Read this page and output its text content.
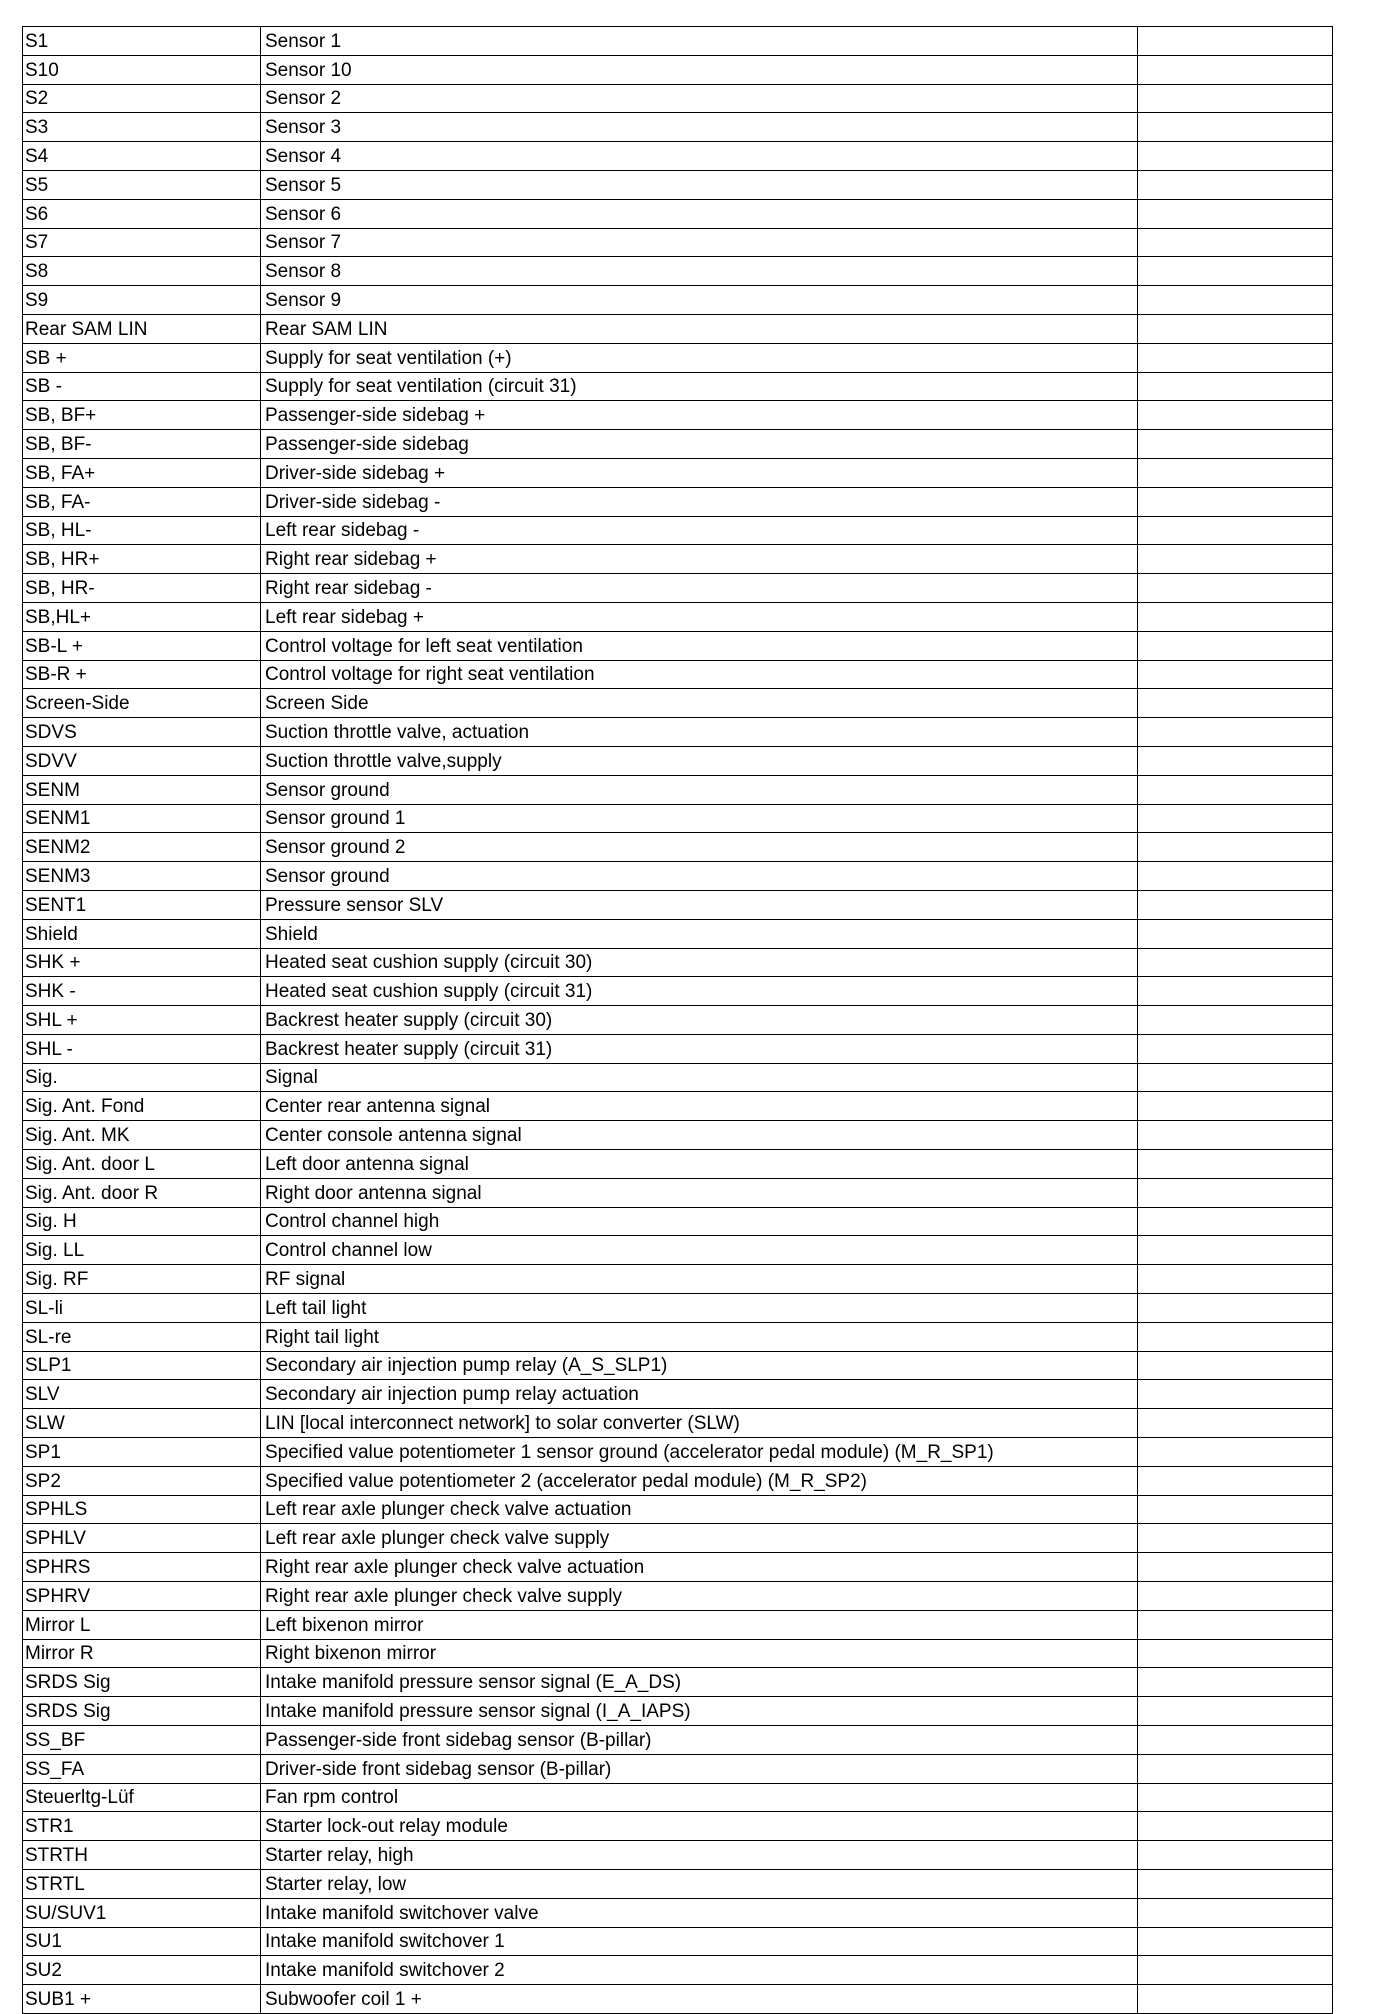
S1	Sensor 1	
S10	Sensor 10	
S2	Sensor 2	
S3	Sensor 3	
S4	Sensor 4	
S5	Sensor 5	
S6	Sensor 6	
S7	Sensor 7	
S8	Sensor 8	
S9	Sensor 9	
Rear SAM LIN	Rear SAM LIN	
SB +	Supply for seat ventilation (+)	
SB -	Supply for seat ventilation (circuit 31)	
SB, BF+	Passenger-side sidebag +	
SB, BF-	Passenger-side sidebag	
SB, FA+	Driver-side sidebag +	
SB, FA-	Driver-side sidebag -	
SB, HL-	Left rear sidebag -	
SB, HR+	Right rear sidebag +	
SB, HR-	Right rear sidebag -	
SB,HL+	Left rear sidebag +	
SB-L +	Control voltage for left seat ventilation	
SB-R +	Control voltage for right seat ventilation	
Screen-Side	Screen Side	
SDVS	Suction throttle valve, actuation	
SDVV	Suction throttle valve,supply	
SENM	Sensor ground	
SENM1	Sensor ground 1	
SENM2	Sensor ground 2	
SENM3	Sensor ground	
SENT1	Pressure sensor SLV	
Shield	Shield	
SHK +	Heated seat cushion supply (circuit 30)	
SHK -	Heated seat cushion supply (circuit 31)	
SHL +	Backrest heater supply (circuit 30)	
SHL -	Backrest heater supply (circuit 31)	
Sig.	Signal	
Sig. Ant. Fond	Center rear antenna signal	
Sig. Ant. MK	Center console antenna signal	
Sig. Ant. door L	Left door antenna signal	
Sig. Ant. door R	Right door antenna signal	
Sig. H	Control channel high	
Sig. LL	Control channel low	
Sig. RF	RF signal	
SL-li	Left tail light	
SL-re	Right tail light	
SLP1	Secondary air injection pump relay (A_S_SLP1)	
SLV	Secondary air injection pump relay actuation	
SLW	LIN [local interconnect network] to solar converter (SLW)	
SP1	Specified value potentiometer 1 sensor ground (accelerator pedal module) (M_R_SP1)	
SP2	Specified value potentiometer 2 (accelerator pedal module) (M_R_SP2)	
SPHLS	Left rear axle plunger check valve actuation	
SPHLV	Left rear axle plunger check valve supply	
SPHRS	Right rear axle plunger check valve actuation	
SPHRV	Right rear axle plunger check valve supply	
Mirror L	Left bixenon mirror	
Mirror R	Right bixenon mirror	
SRDS Sig	Intake manifold pressure sensor signal (E_A_DS)	
SRDS Sig	Intake manifold pressure sensor signal (I_A_IAPS)	
SS_BF	Passenger-side front sidebag sensor (B-pillar)	
SS_FA	Driver-side front sidebag sensor (B-pillar)	
Steuerltg-Lüf	Fan rpm control	
STR1	Starter lock-out relay module	
STRTH	Starter relay, high	
STRTL	Starter relay, low	
SU/SUV1	Intake manifold switchover valve	
SU1	Intake manifold switchover 1	
SU2	Intake manifold switchover 2	
SUB1 +	Subwoofer coil 1 +	
